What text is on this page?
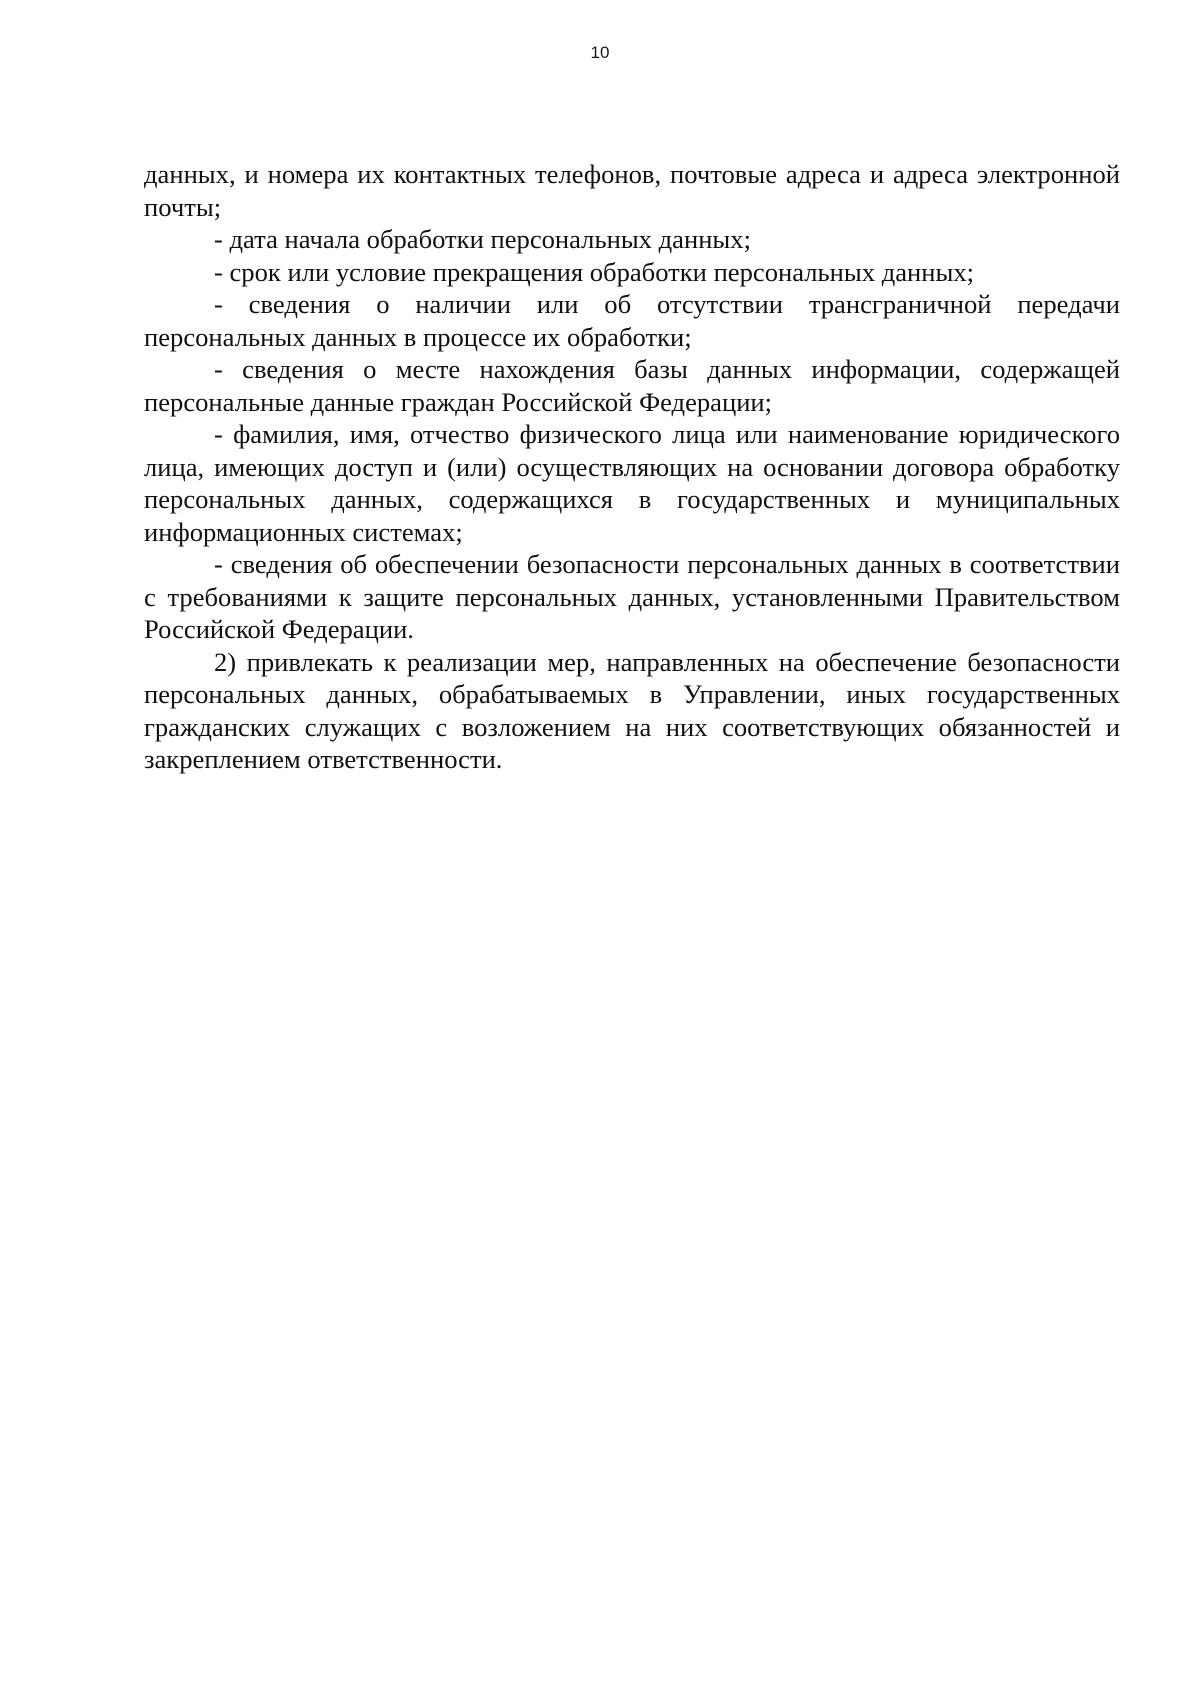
10

данных, и номера их контактных телефонов, почтовые адреса и адреса электронной почты;

- дата начала обработки персональных данных;

- срок или условие прекращения обработки персональных данных;

- сведения о наличии или об отсутствии трансграничной передачи персональных данных в процессе их обработки;

- сведения о месте нахождения базы данных информации, содержащей персональные данные граждан Российской Федерации;

- фамилия, имя, отчество физического лица или наименование юридического лица, имеющих доступ и (или) осуществляющих на основании договора обработку персональных данных, содержащихся в государственных и муниципальных информационных системах;

- сведения об обеспечении безопасности персональных данных в соответствии с требованиями к защите персональных данных, установленными Правительством Российской Федерации.

2) привлекать к реализации мер, направленных на обеспечение безопасности персональных данных, обрабатываемых в Управлении, иных государственных гражданских служащих с возложением на них соответствующих обязанностей и закреплением ответственности.
